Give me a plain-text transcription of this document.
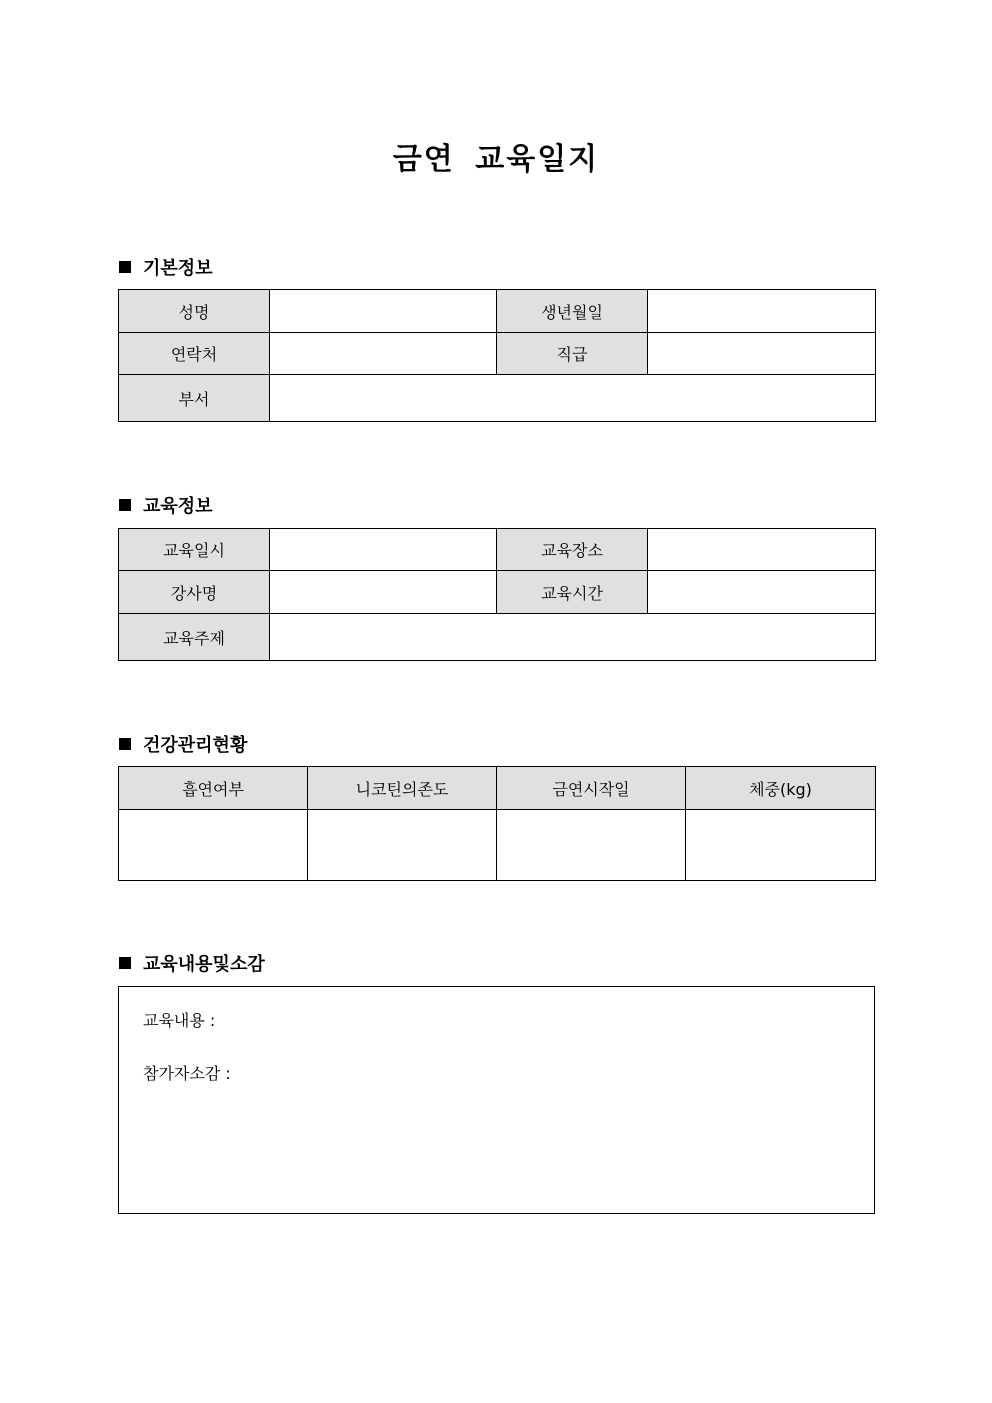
금연 교육일지
기본정보
성명		생년월일	
연락처		직급	
부서			
교육정보
교육일시		교육장소	
강사명		교육시간	
교육주제			
건강관리현황
흡연여부	니코틴의존도	금연시작일	체중(kg)

교육내용및소감
교육내용 :
참가자소감 :
